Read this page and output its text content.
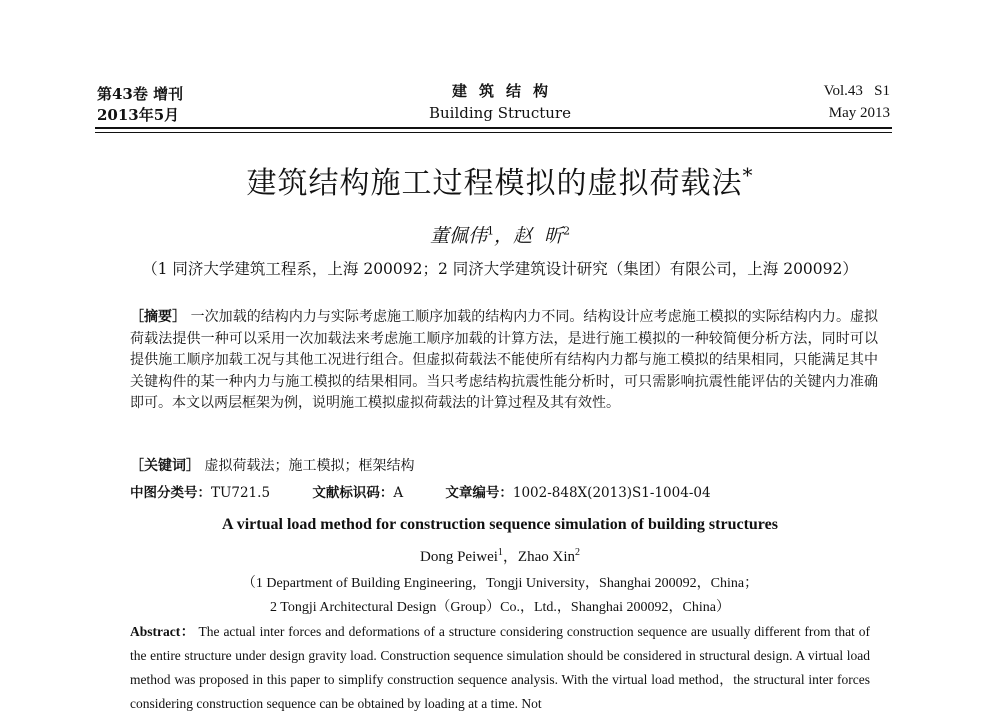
第43卷 增刊
2013年5月
建筑结构
Building Structure
Vol.43   S1
May 2013
建筑结构施工过程模拟的虚拟荷载法*
董佩伟$^1$，赵  昕$^2$
（1 同济大学建筑工程系，上海 200092；2 同济大学建筑设计研究（集团）有限公司，上海 200092）
［摘要］ 一次加载的结构内力与实际考虑施工顺序加载的结构内力不同。结构设计应考虑施工模拟的实际结构内力。虚拟荷载法提供一种可以采用一次加载法来考虑施工顺序加载的计算方法，是进行施工模拟的一种较简便分析方法，同时可以提供施工顺序加载工况与其他工况进行组合。但虚拟荷载法不能使所有结构内力都与施工模拟的结果相同，只能满足其中关键构件的某一种内力与施工模拟的结果相同。当只考虑结构抗震性能分析时，可只需影响抗震性能评估的关键内力准确即可。本文以两层框架为例，说明施工模拟虚拟荷载法的计算过程及其有效性。
［关键词］ 虚拟荷载法；施工模拟；框架结构
中图分类号：TU721.5	文献标识码：A	文章编号：1002-848X(2013)S1-1004-04
A virtual load method for construction sequence simulation of building structures
Dong Peiwei$^1$，Zhao Xin$^2$
（1 Department of Building Engineering，Tongji University，Shanghai 200092，China；
2 Tongji Architectural Design（Group）Co.，Ltd.，Shanghai 200092，China）
Abstract： The actual inter forces and deformations of a structure considering construction sequence are usually different from that of the entire structure under design gravity load. Construction sequence simulation should be considered in structural design. A virtual load method was proposed in this paper to simplify construction sequence analysis. With the virtual load method，the structural inter forces considering construction sequence can be obtained by loading at a time. Not
